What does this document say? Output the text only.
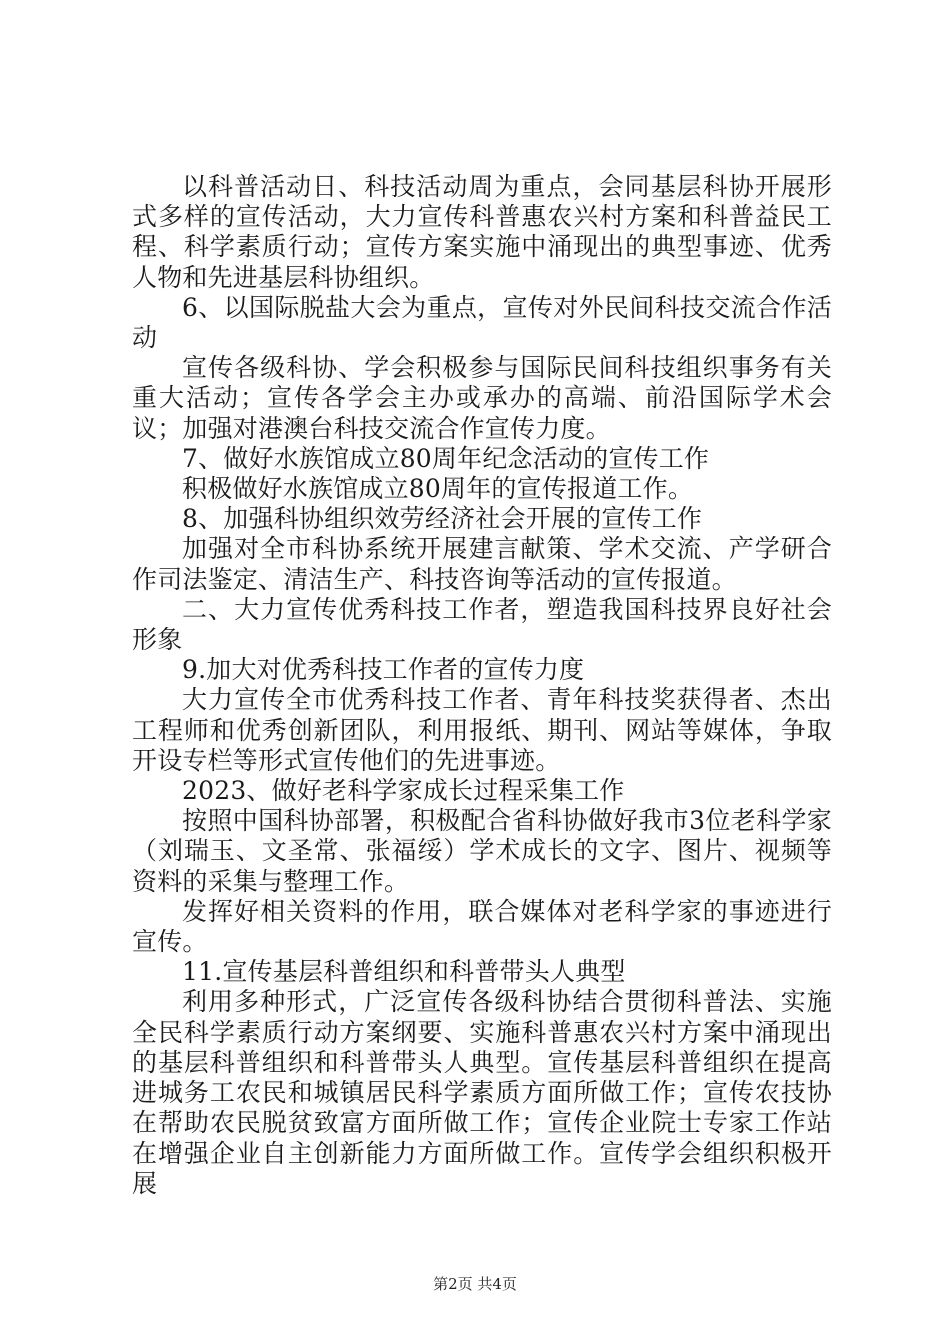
以科普活动日、科技活动周为重点，会同基层科协开展形式多样的宣传活动，大力宣传科普惠农兴村方案和科普益民工程、科学素质行动；宣传方案实施中涌现出的典型事迹、优秀人物和先进基层科协组织。

6、以国际脱盐大会为重点，宣传对外民间科技交流合作活动

宣传各级科协、学会积极参与国际民间科技组织事务有关重大活动；宣传各学会主办或承办的高端、前沿国际学术会议；加强对港澳台科技交流合作宣传力度。

7、做好水族馆成立80周年纪念活动的宣传工作

积极做好水族馆成立80周年的宣传报道工作。

8、加强科协组织效劳经济社会开展的宣传工作

加强对全市科协系统开展建言献策、学术交流、产学研合作司法鉴定、清洁生产、科技咨询等活动的宣传报道。

二、大力宣传优秀科技工作者，塑造我国科技界良好社会形象

9.加大对优秀科技工作者的宣传力度

大力宣传全市优秀科技工作者、青年科技奖获得者、杰出工程师和优秀创新团队，利用报纸、期刊、网站等媒体，争取开设专栏等形式宣传他们的先进事迹。

2023、做好老科学家成长过程采集工作

按照中国科协部署，积极配合省科协做好我市3位老科学家（刘瑞玉、文圣常、张福绥）学术成长的文字、图片、视频等资料的采集与整理工作。

发挥好相关资料的作用，联合媒体对老科学家的事迹进行宣传。

11.宣传基层科普组织和科普带头人典型

利用多种形式，广泛宣传各级科协结合贯彻科普法、实施全民科学素质行动方案纲要、实施科普惠农兴村方案中涌现出的基层科普组织和科普带头人典型。宣传基层科普组织在提高进城务工农民和城镇居民科学素质方面所做工作；宣传农技协在帮助农民脱贫致富方面所做工作；宣传企业院士专家工作站在增强企业自主创新能力方面所做工作。宣传学会组织积极开展

第2页 共4页
